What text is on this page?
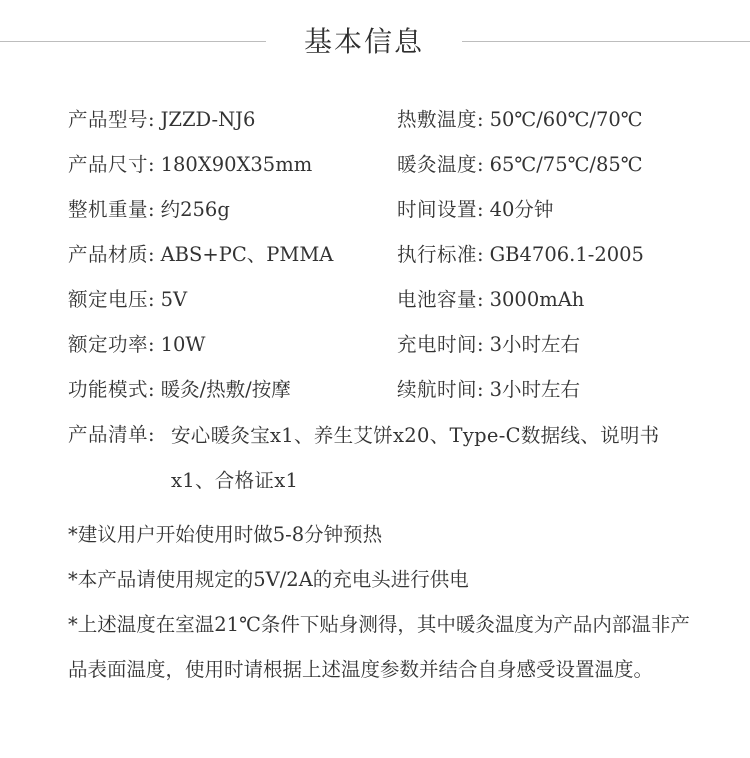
基本信息
产品型号: JZZD-NJ6	热敷温度: 50℃/60℃/70℃
产品尺寸: 180X90X35mm	暖灸温度: 65℃/75℃/85℃
整机重量: 约256g	时间设置: 40分钟
产品材质: ABS+PC、PMMA	执行标准: GB4706.1-2005
额定电压: 5V	电池容量: 3000mAh
额定功率: 10W	充电时间: 3小时左右
功能模式: 暖灸/热敷/按摩	续航时间: 3小时左右
产品清单: 安心暖灸宝x1、养生艾饼x20、Type-C数据线、说明书x1、合格证x1

*建议用户开始使用时做5-8分钟预热

*本产品请使用规定的5V/2A的充电头进行供电

*上述温度在室温21℃条件下贴身测得，其中暖灸温度为产品内部温非产品表面温度，使用时请根据上述温度参数并结合自身感受设置温度。
